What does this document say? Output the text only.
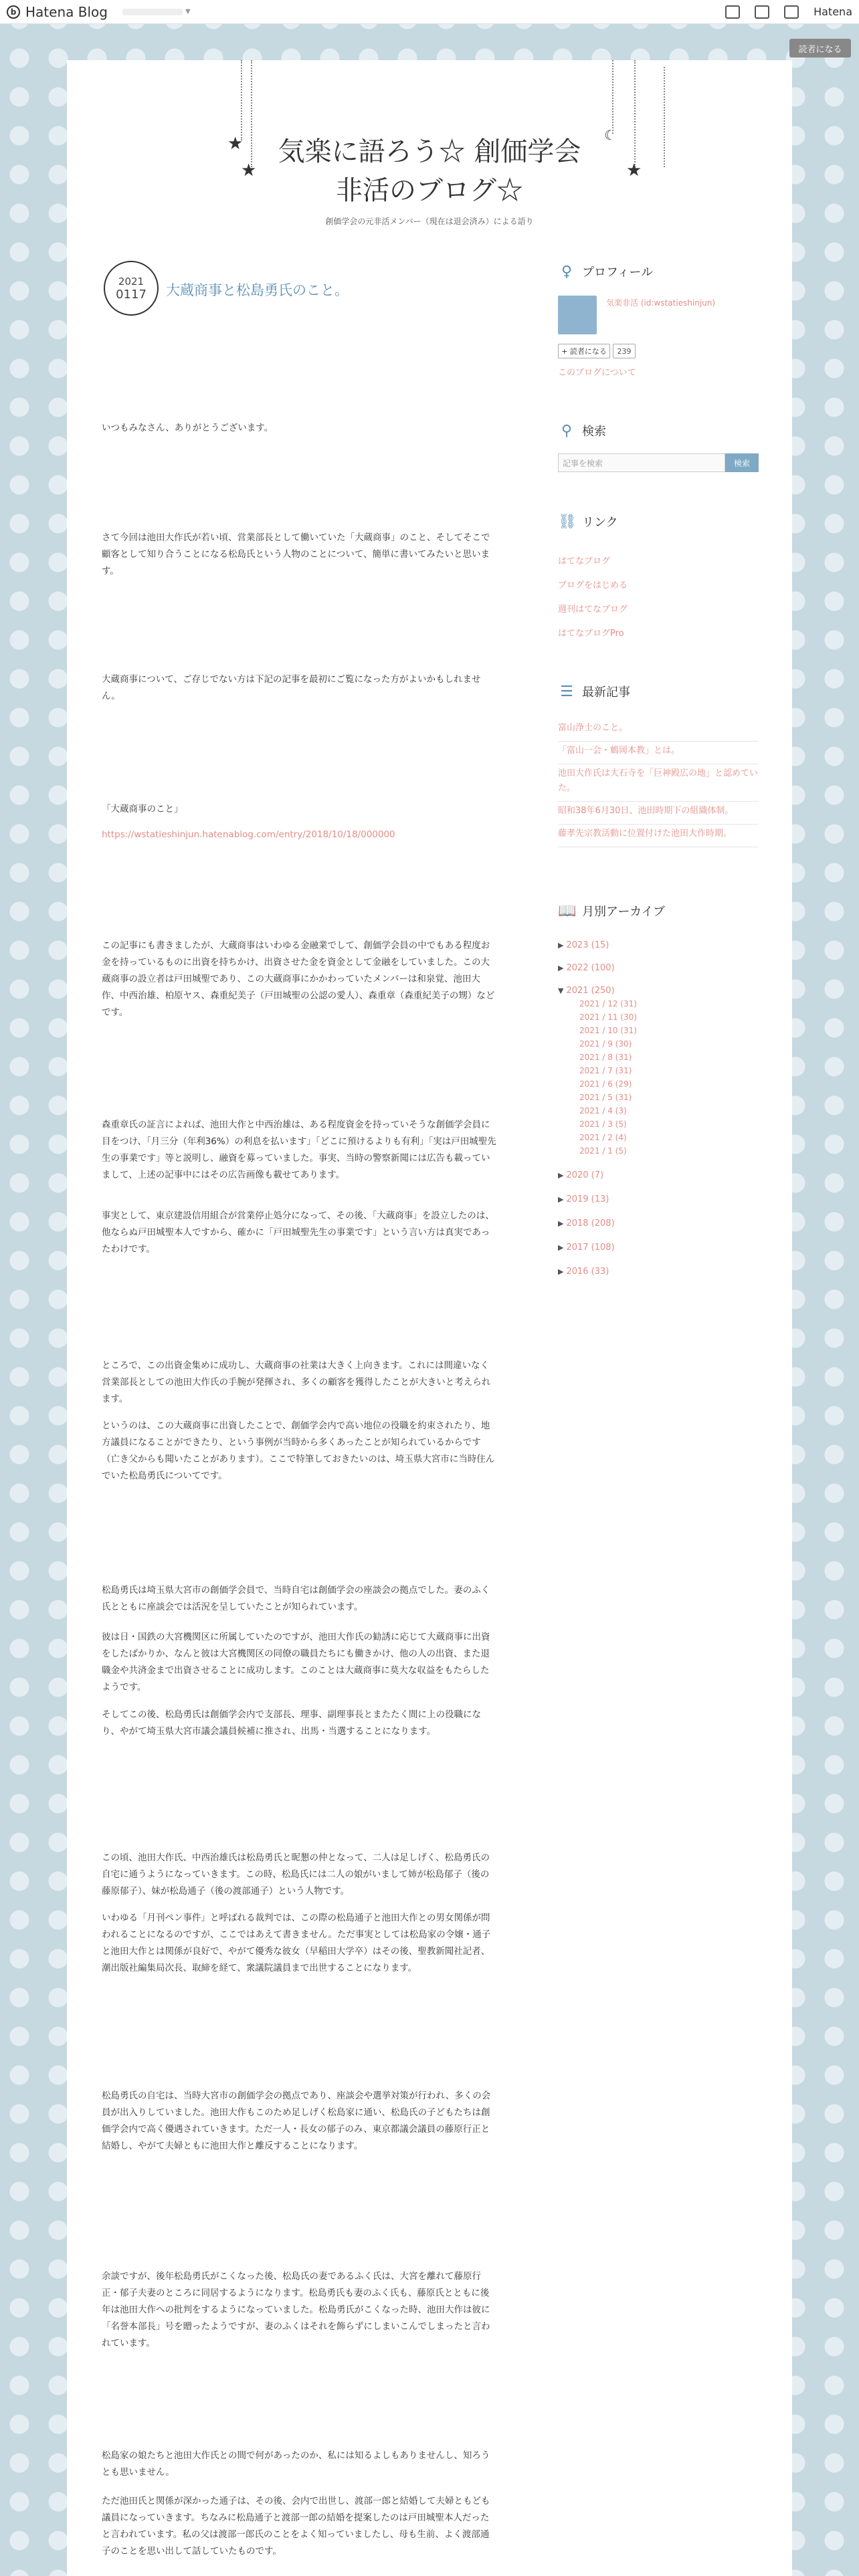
b Hatena Blog	▼	Hatena
読者になる
★
★
☾
★
気楽に語ろう☆ 創価学会
非活のブログ☆
創価学会の元非活メンバー（現在は退会済み）による語り
2021
0117 大蔵商事と松島勇氏のこと。

いつもみなさん、ありがとうございます。

さて今回は池田大作氏が若い頃、営業部長として働いていた「大蔵商事」のこと、そしてそこで顧客として知り合うことになる松島氏という人物のことについて、簡単に書いてみたいと思います。

大蔵商事について、ご存じでない方は下記の記事を最初にご覧になった方がよいかもしれません。

「大蔵商事のこと」

https://wstatieshinjun.hatenablog.com/entry/2018/10/18/000000

この記事にも書きましたが、大蔵商事はいわゆる金融業でして、創価学会員の中でもある程度お金を持っているものに出資を持ちかけ、出資させた金を資金として金融をしていました。この大蔵商事の設立者は戸田城聖であり、この大蔵商事にかかわっていたメンバーは和泉覚、池田大作、中西治雄、柏原ヤス、森重紀美子（戸田城聖の公認の愛人）、森重章（森重紀美子の甥）などです。

森重章氏の証言によれば、池田大作と中西治雄は、ある程度資金を持っていそうな創価学会員に目をつけ、「月三分（年利36%）の利息を払います」「どこに預けるよりも有利」「実は戸田城聖先生の事業です」等と説明し、融資を募っていました。事実、当時の警察新聞には広告も載っていまして、上述の記事中にはその広告画像も載せてあります。

事実として、東京建設信用組合が営業停止処分になって、その後、「大蔵商事」を設立したのは、他ならぬ戸田城聖本人ですから、確かに「戸田城聖先生の事業です」という言い方は真実であったわけです。

ところで、この出資金集めに成功し、大蔵商事の社業は大きく上向きます。これには間違いなく営業部長としての池田大作氏の手腕が発揮され、多くの顧客を獲得したことが大きいと考えられます。

というのは、この大蔵商事に出資したことで、創価学会内で高い地位の役職を約束されたり、地方議員になることができたり、という事例が当時から多くあったことが知られているからです（亡き父からも聞いたことがあります）。ここで特筆しておきたいのは、埼玉県大宮市に当時住んでいた松島勇氏についてです。

松島勇氏は埼玉県大宮市の創価学会員で、当時自宅は創価学会の座談会の拠点でした。妻のふく氏とともに座談会では活況を呈していたことが知られています。

彼は日・国鉄の大宮機関区に所属していたのですが、池田大作氏の勧誘に応じて大蔵商事に出資をしたばかりか、なんと彼は大宮機関区の同僚の職員たちにも働きかけ、他の人の出資、また退職金や共済金まで出資させることに成功します。このことは大蔵商事に莫大な収益をもたらしたようです。

そしてこの後、松島勇氏は創価学会内で支部長、理事、副理事長とまたたく間に上の役職になり、やがて埼玉県大宮市議会議員候補に推され、出馬・当選することになります。

この頃、池田大作氏、中西治雄氏は松島勇氏と昵懇の仲となって、二人は足しげく、松島勇氏の自宅に通うようになっていきます。この時、松島氏には二人の娘がいまして姉が松島郁子（後の藤原郁子）、妹が松島通子（後の渡部通子）という人物です。

いわゆる「月刊ペン事件」と呼ばれる裁判では、この際の松島通子と池田大作との男女関係が問われることになるのですが、ここではあえて書きません。ただ事実としては松島家の令嬢・通子と池田大作とは関係が良好で、やがて優秀な彼女（早稲田大学卒）はその後、聖教新聞社記者、潮出版社編集局次長、取締を経て、衆議院議員まで出世することになります。

松島勇氏の自宅は、当時大宮市の創価学会の拠点であり、座談会や選挙対策が行われ、多くの会員が出入りしていました。池田大作もこのため足しげく松島家に通い、松島氏の子どもたちは創価学会内で高く優遇されていきます。ただ一人・長女の郁子のみ、東京都議会議員の藤原行正と結婚し、やがて夫婦ともに池田大作と離反することになります。

余談ですが、後年松島勇氏がこくなった後、松島氏の妻であるふく氏は、大宮を離れて藤原行正・郁子夫妻のところに同居するようになります。松島勇氏も妻のふく氏も、藤原氏とともに後年は池田大作への批判をするようになっていました。松島勇氏がこくなった時、池田大作は彼に「名誉本部長」号を贈ったようですが、妻のふくはそれを飾らずにしまいこんでしまったと言われています。

松島家の娘たちと池田大作氏との間で何があったのか、私には知るよしもありませんし、知ろうとも思いません。

ただ池田氏と関係が深かった通子は、その後、会内で出世し、渡部一郎と結婚して夫婦ともども議員になっていきます。ちなみに松島通子と渡部一郎の結婚を提案したのは戸田城聖本人だったと言われています。私の父は渡部一郎氏のことをよく知っていましたし、母も生前、よく渡部通子のことを思い出して話していたものです。

♀ プロフィール
気楽非活 (id:wstatieshinjun)
+ 読者になる	239
このブログについて
⚲ 検索
記事を検索	検索
⛓ リンク
はてなブログ
ブログをはじめる
週刊はてなブログ
はてなブログPro
☰ 最新記事
富山浄土のこと。
「富山一会・鶴岡本教」とは。
池田大作氏は大石寺を「巨神殿広の地」と認めていた。
昭和38年6月30日、池田時期下の組織体制。
藤孝先宗教活動に位置付けた池田大作時期。
📖 月別アーカイブ
▶ 2023 (15)
▶ 2022 (100)
▼ 2021 (250)
2021 / 12 (31)
2021 / 11 (30)
2021 / 10 (31)
2021 / 9 (30)
2021 / 8 (31)
2021 / 7 (31)
2021 / 6 (29)
2021 / 5 (31)
2021 / 4 (3)
2021 / 3 (5)
2021 / 2 (4)
2021 / 1 (5)
▶ 2020 (7)
▶ 2019 (13)
▶ 2018 (208)
▶ 2017 (108)
▶ 2016 (33)
